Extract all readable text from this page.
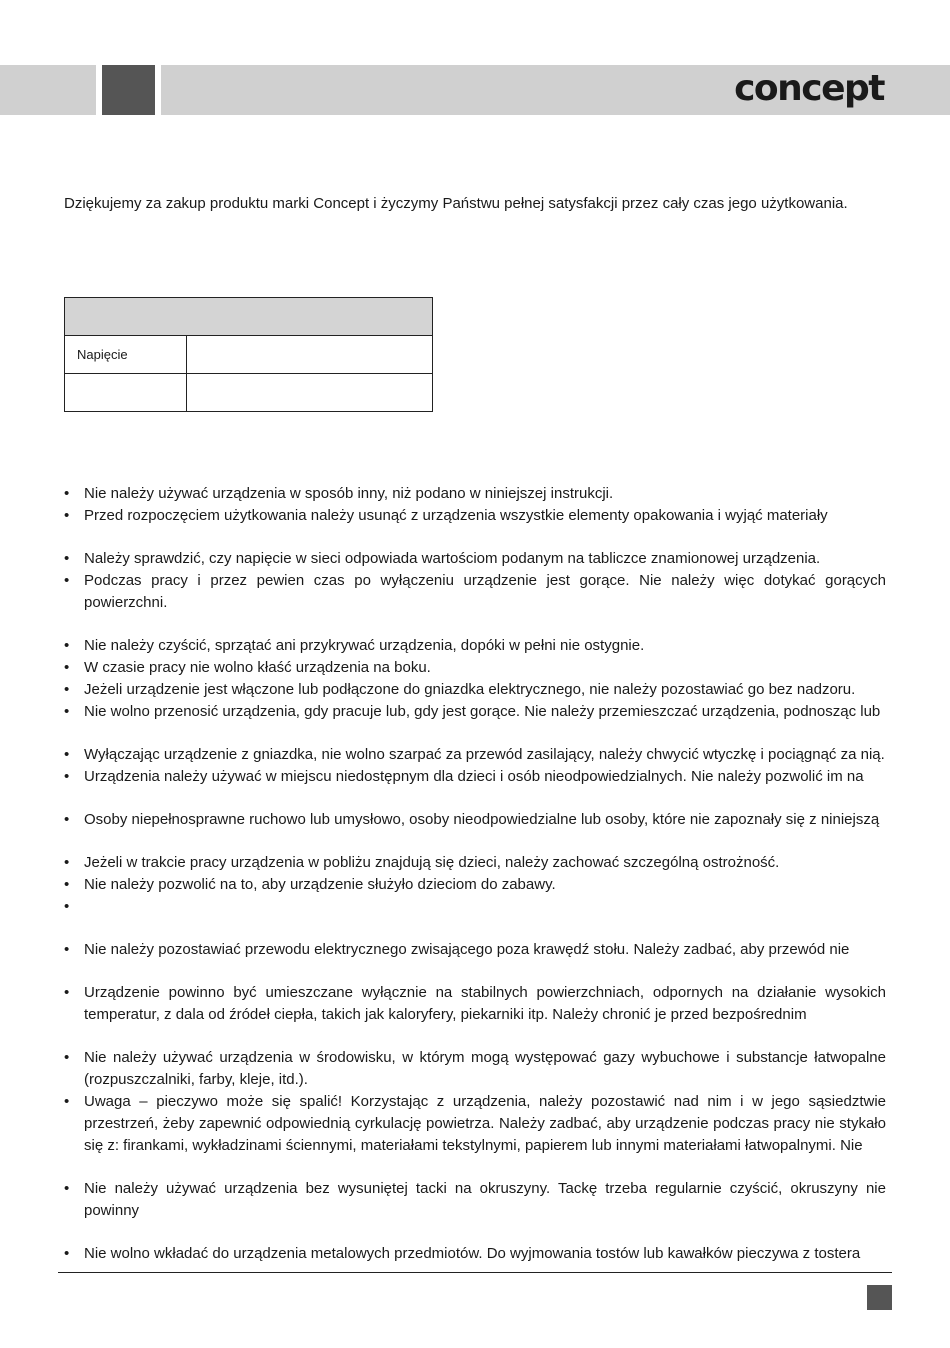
concept
Dziękujemy za zakup produktu marki Concept i życzymy Państwu pełnej satysfakcji przez cały czas jego użytkowania.

Napięcie	

• Nie należy używać urządzenia w sposób inny, niż podano w niniejszej instrukcji.
• Przed rozpoczęciem użytkowania należy usunąć z urządzenia wszystkie elementy opakowania i wyjąć materiały
• Należy sprawdzić, czy napięcie w sieci odpowiada wartościom podanym na tabliczce znamionowej urządzenia.
• Podczas pracy i przez pewien czas po wyłączeniu urządzenie jest gorące. Nie należy więc dotykać gorących powierzchni.
• Nie należy czyścić, sprzątać ani przykrywać urządzenia, dopóki w pełni nie ostygnie.
• W czasie pracy nie wolno kłaść urządzenia na boku.
• Jeżeli urządzenie jest włączone lub podłączone do gniazdka elektrycznego, nie należy pozostawiać go bez nadzoru.
• Nie wolno przenosić urządzenia, gdy pracuje lub, gdy jest gorące. Nie należy przemieszczać urządzenia, podnosząc lub
• Wyłączając urządzenie z gniazdka, nie wolno szarpać za przewód zasilający, należy chwycić wtyczkę i pociągnąć za nią.
• Urządzenia należy używać w miejscu niedostępnym dla dzieci i osób nieodpowiedzialnych. Nie należy pozwolić im na
• Osoby niepełnosprawne ruchowo lub umysłowo, osoby nieodpowiedzialne lub osoby, które nie zapoznały się z niniejszą
• Jeżeli w trakcie pracy urządzenia w pobliżu znajdują się dzieci, należy zachować szczególną ostrożność.
• Nie należy pozwolić na to, aby urządzenie służyło dzieciom do zabawy.
•
• Nie należy pozostawiać przewodu elektrycznego zwisającego poza krawędź stołu. Należy zadbać, aby przewód nie
• Urządzenie powinno być umieszczane wyłącznie na stabilnych powierzchniach, odpornych na działanie wysokich temperatur, z dala od źródeł ciepła, takich jak kaloryfery, piekarniki itp. Należy chronić je przed bezpośrednim
• Nie należy używać urządzenia w środowisku, w którym mogą występować gazy wybuchowe i substancje łatwopalne (rozpuszczalniki, farby, kleje, itd.).
• Uwaga – pieczywo może się spalić! Korzystając z urządzenia, należy pozostawić nad nim i w jego sąsiedztwie przestrzeń, żeby zapewnić odpowiednią cyrkulację powietrza. Należy zadbać, aby urządzenie podczas pracy nie stykało się z: firankami, wykładzinami ściennymi, materiałami tekstylnymi, papierem lub innymi materiałami łatwopalnymi. Nie
• Nie należy używać urządzenia bez wysuniętej tacki na okruszyny. Tackę trzeba regularnie czyścić, okruszyny nie powinny
• Nie wolno wkładać do urządzenia metalowych przedmiotów. Do wyjmowania tostów lub kawałków pieczywa z tostera
